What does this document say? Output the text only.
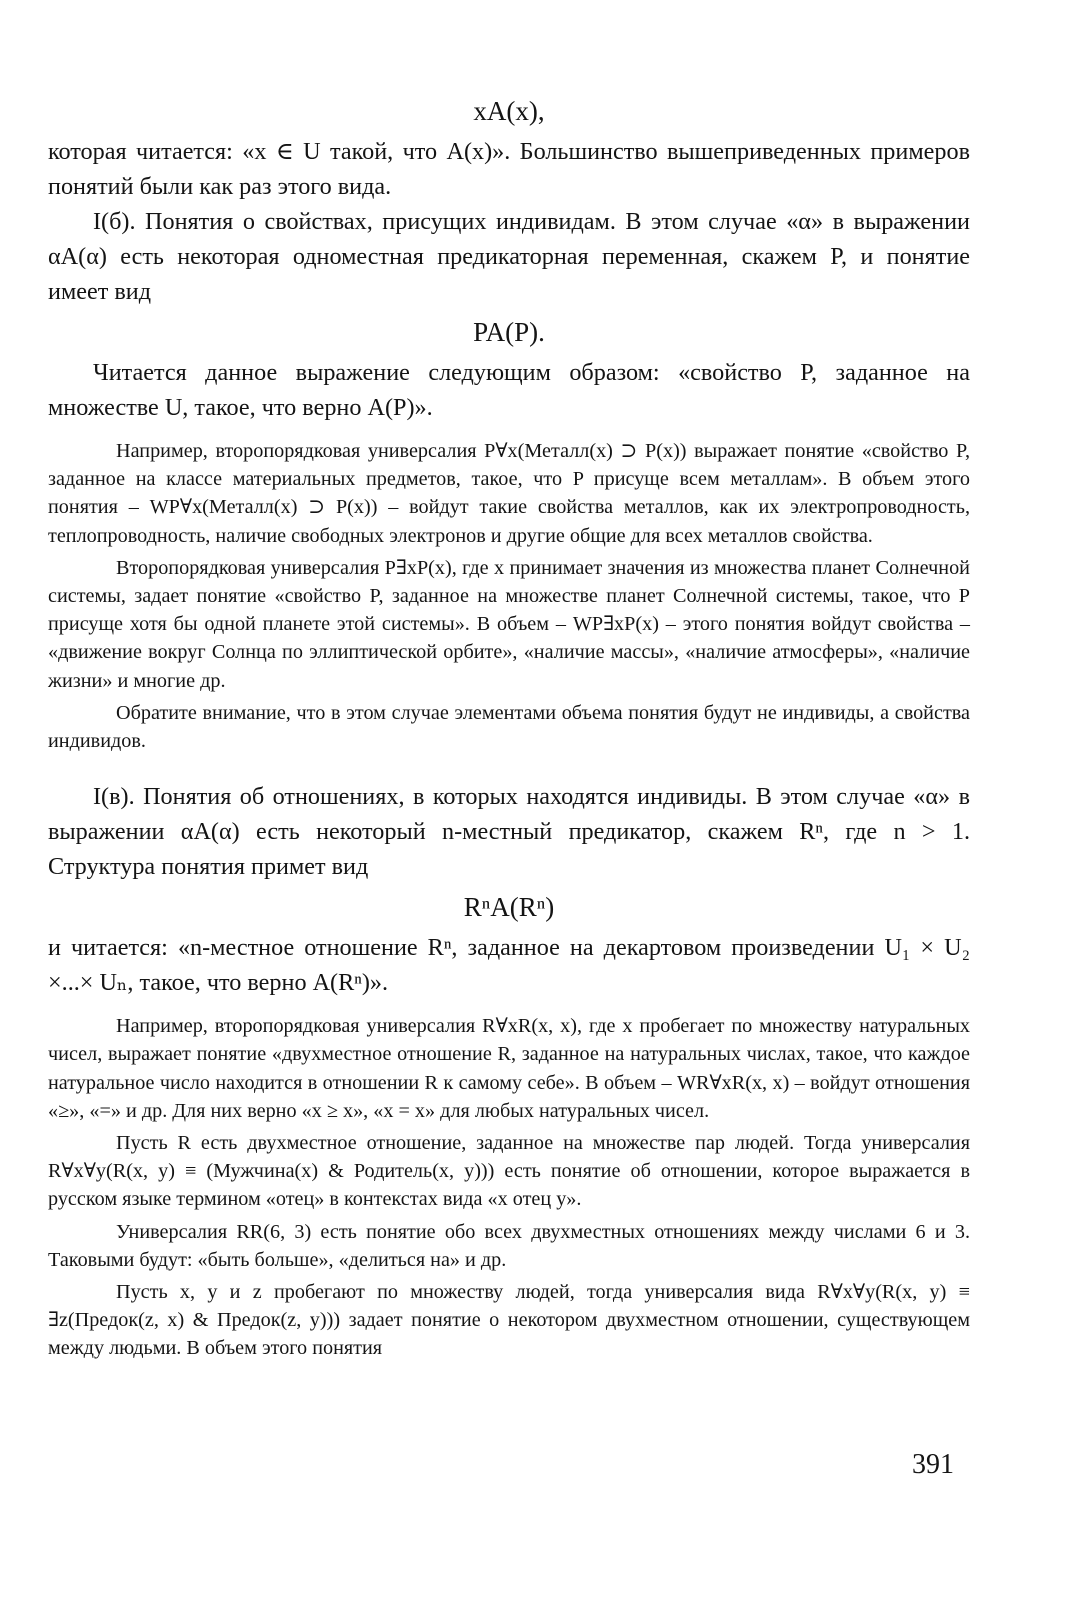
xA(x),

которая читается: «x ∈ U такой, что A(x)». Большинство вышеприведенных примеров понятий были как раз этого вида.

I(б). Понятия о свойствах, присущих индивидам. В этом случае «α» в выражении αA(α) есть некоторая одноместная предикаторная переменная, скажем P, и понятие имеет вид

PA(P).

Читается данное выражение следующим образом: «свойство P, заданное на множестве U, такое, что верно A(P)».

Например, второпорядковая универсалия P∀x(Металл(x) ⊃ P(x)) выражает понятие «свойство P, заданное на классе материальных предметов, такое, что P присуще всем металлам». В объем этого понятия – WP∀x(Металл(x) ⊃ P(x)) – войдут такие свойства металлов, как их электропроводность, теплопроводность, наличие свободных электронов и другие общие для всех металлов свойства.

Второпорядковая универсалия P∃xP(x), где x принимает значения из множества планет Солнечной системы, задает понятие «свойство P, заданное на множестве планет Солнечной системы, такое, что P присуще хотя бы одной планете этой системы». В объем – WP∃xP(x) – этого понятия войдут свойства – «движение вокруг Солнца по эллиптической орбите», «наличие массы», «наличие атмосферы», «наличие жизни» и многие др.

Обратите внимание, что в этом случае элементами объема понятия будут не индивиды, а свойства индивидов.

I(в). Понятия об отношениях, в которых находятся индивиды. В этом случае «α» в выражении αA(α) есть некоторый n-местный предикатор, скажем Rⁿ, где n > 1. Структура понятия примет вид

RⁿA(Rⁿ)

и читается: «n-местное отношение Rⁿ, заданное на декартовом произведении U₁ × U₂ ×...× Uₙ, такое, что верно A(Rⁿ)».

Например, второпорядковая универсалия R∀xR(x, x), где x пробегает по множеству натуральных чисел, выражает понятие «двухместное отношение R, заданное на натуральных числах, такое, что каждое натуральное число находится в отношении R к самому себе». В объем – WR∀xR(x, x) – войдут отношения «≥», «=» и др. Для них верно «x ≥ x», «x = x» для любых натуральных чисел.

Пусть R есть двухместное отношение, заданное на множестве пар людей. Тогда универсалия R∀x∀y(R(x, y) ≡ (Мужчина(x) & Родитель(x, y))) есть понятие об отношении, которое выражается в русском языке термином «отец» в контекстах вида «x отец y».

Универсалия RR(6, 3) есть понятие обо всех двухместных отношениях между числами 6 и 3. Таковыми будут: «быть больше», «делиться на» и др.

Пусть x, y и z пробегают по множеству людей, тогда универсалия вида R∀x∀y(R(x, y) ≡ ∃z(Предок(z, x) & Предок(z, y))) задает понятие о некотором двухместном отношении, существующем между людьми. В объем этого понятия

391
